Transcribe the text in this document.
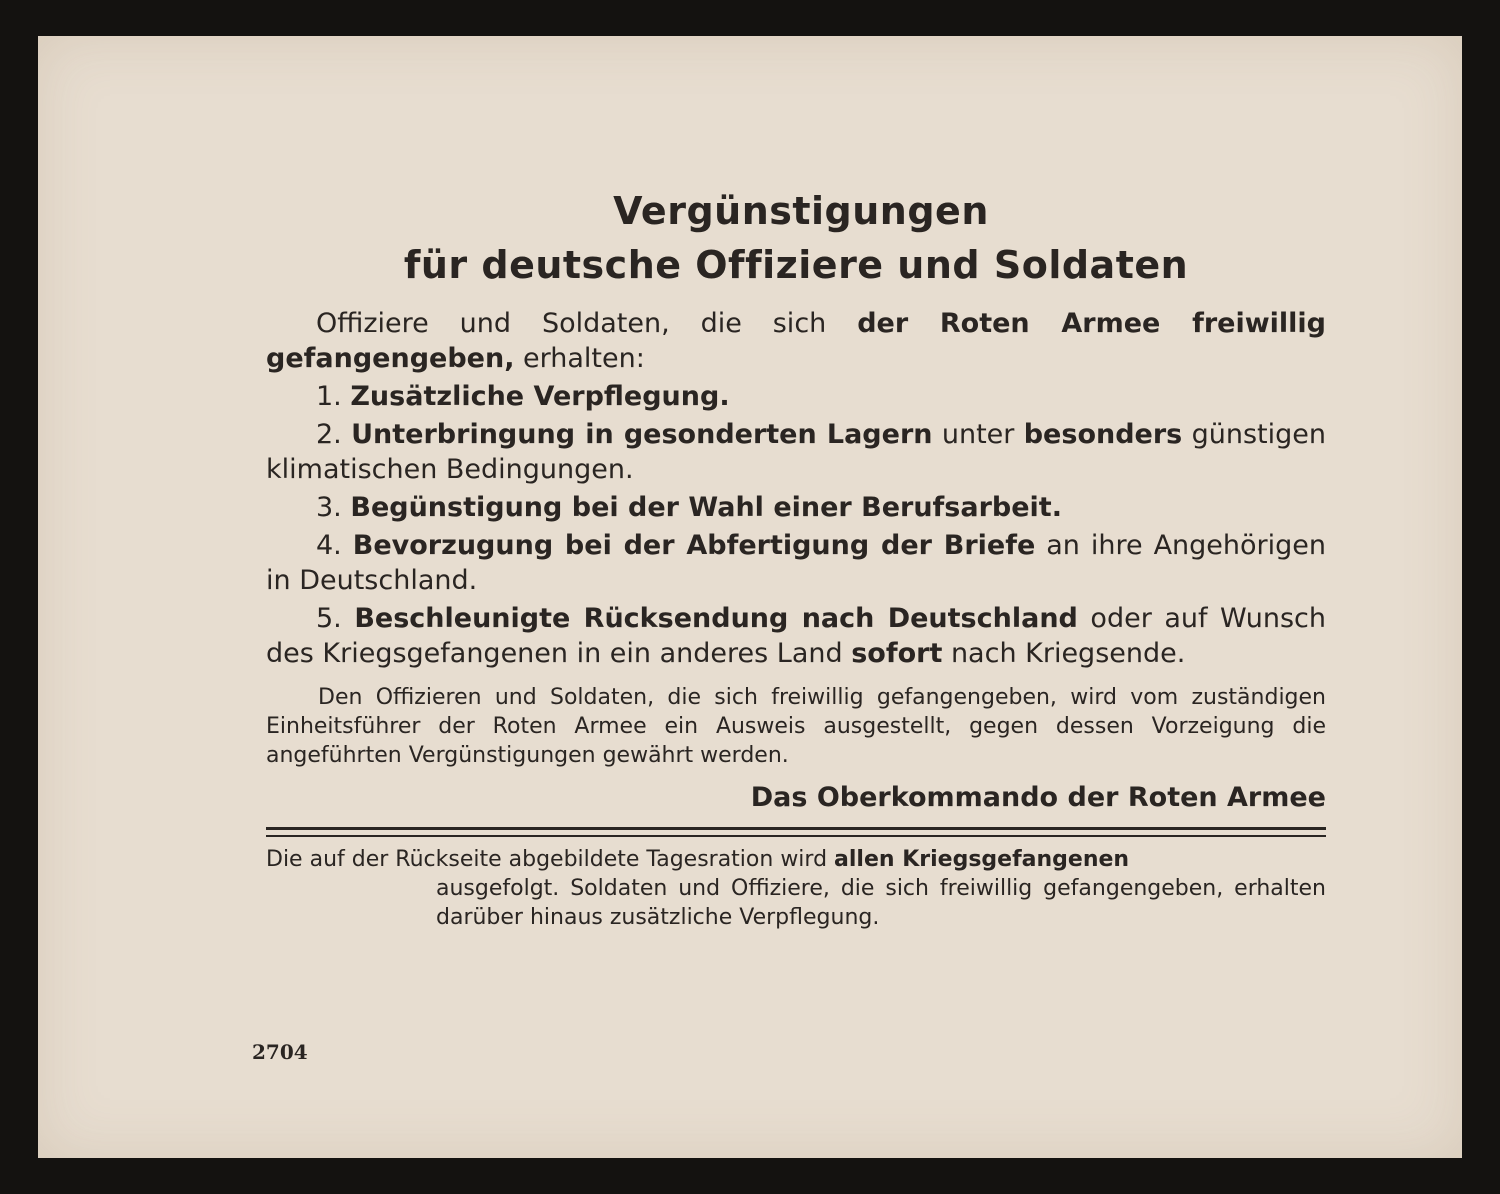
Vergünstigungen
für deutsche Offiziere und Soldaten
Offiziere und Soldaten, die sich der Roten Armee freiwillig gefangengeben, erhalten:
1. Zusätzliche Verpflegung.
2. Unterbringung in gesonderten Lagern unter besonders günstigen klimatischen Bedingungen.
3. Begünstigung bei der Wahl einer Berufsarbeit.
4. Bevorzugung bei der Abfertigung der Briefe an ihre Angehörigen in Deutschland.
5. Beschleunigte Rücksendung nach Deutschland oder auf Wunsch des Kriegsgefangenen in ein anderes Land sofort nach Kriegsende.
Den Offizieren und Soldaten, die sich freiwillig gefangengeben, wird vom zuständigen Einheitsführer der Roten Armee ein Ausweis ausgestellt, gegen dessen Vorzeigung die angeführten Vergünstigungen gewährt werden.
Das Oberkommando der Roten Armee
Die auf der Rückseite abgebildete Tagesration wird allen Kriegsgefangenen
ausgefolgt. Soldaten und Offiziere, die sich freiwillig gefangengeben, erhalten darüber hinaus zusätzliche Verpflegung.
2704
